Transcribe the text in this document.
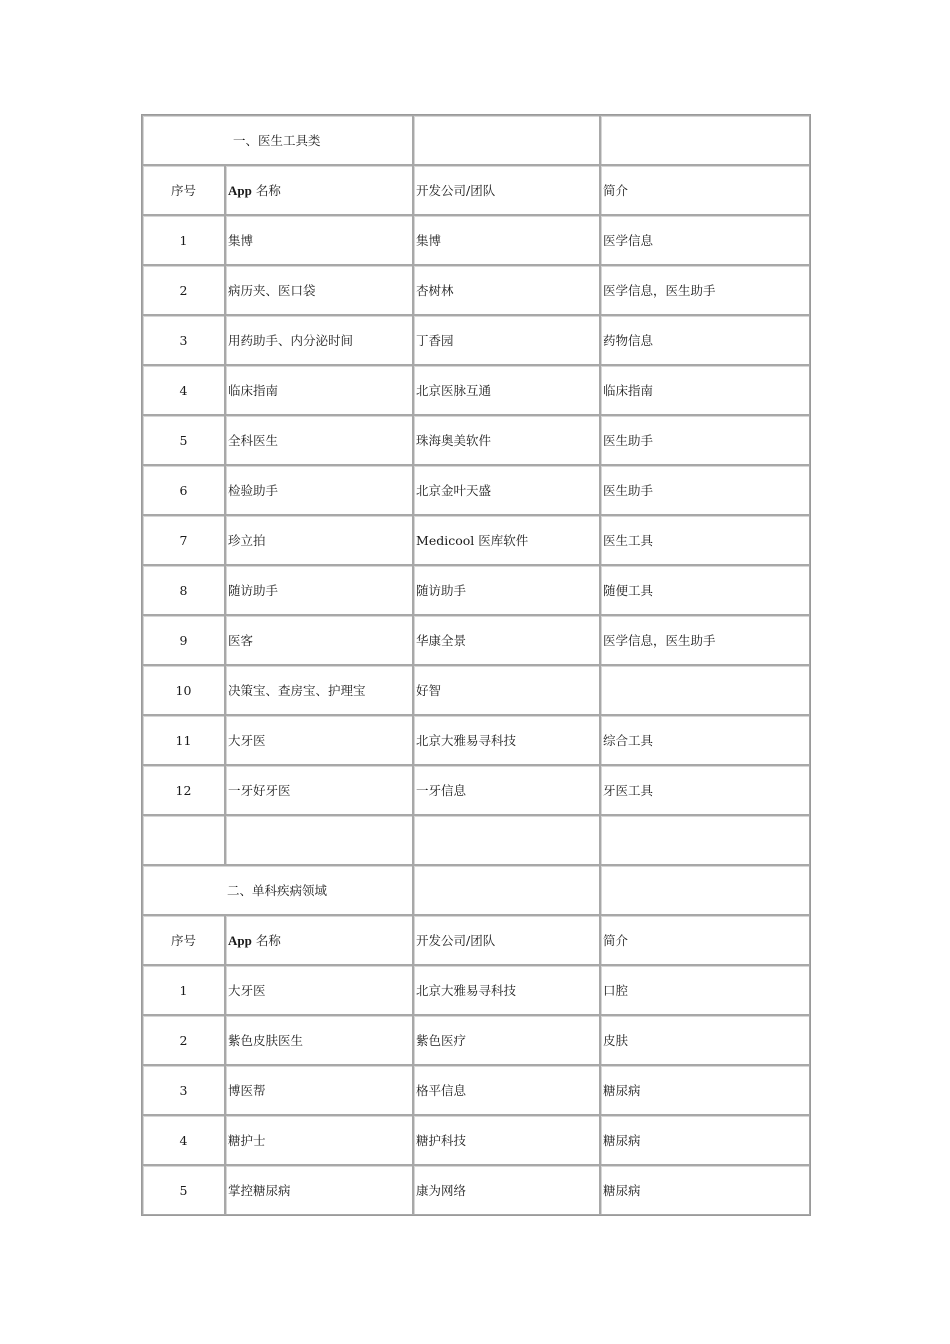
一、医生工具类			
序号	App 名称	开发公司/团队	简介
1	集博	集博	医学信息
2	病历夹、医口袋	杏树林	医学信息，医生助手
3	用药助手、内分泌时间	丁香园	药物信息
4	临床指南	北京医脉互通	临床指南
5	全科医生	珠海奥美软件	医生助手
6	检验助手	北京金叶天盛	医生助手
7	珍立拍	Medicool 医库软件	医生工具
8	随访助手	随访助手	随便工具
9	医客	华康全景	医学信息，医生助手
10	决策宝、查房宝、护理宝	好智	
11	大牙医	北京大雅易寻科技	综合工具
12	一牙好牙医	一牙信息	牙医工具

二、单科疾病领域			
序号	App 名称	开发公司/团队	简介
1	大牙医	北京大雅易寻科技	口腔
2	紫色皮肤医生	紫色医疗	皮肤
3	博医帮	格平信息	糖尿病
4	糖护士	糖护科技	糖尿病
5	掌控糖尿病	康为网络	糖尿病
